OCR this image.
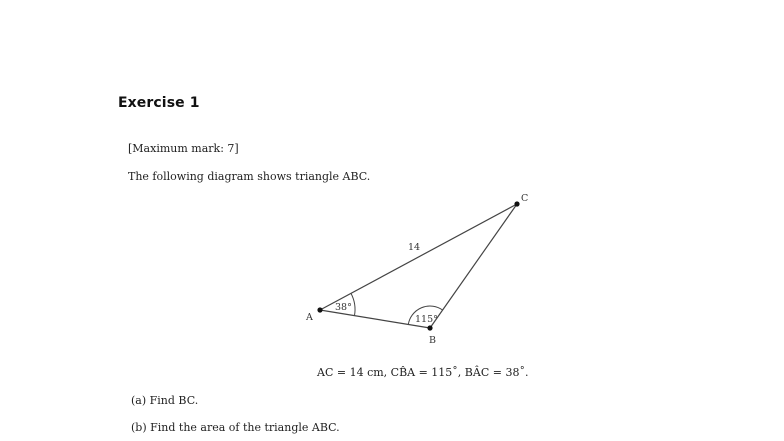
Exercise 1
[Maximum mark: 7]
The following diagram shows triangle ABC.
A
B
C
14
38°
115°
AC = 14 cm, CB̂A = 115˚, BÂC = 38˚.
(a) Find BC.
(b) Find the area of the triangle ABC.
